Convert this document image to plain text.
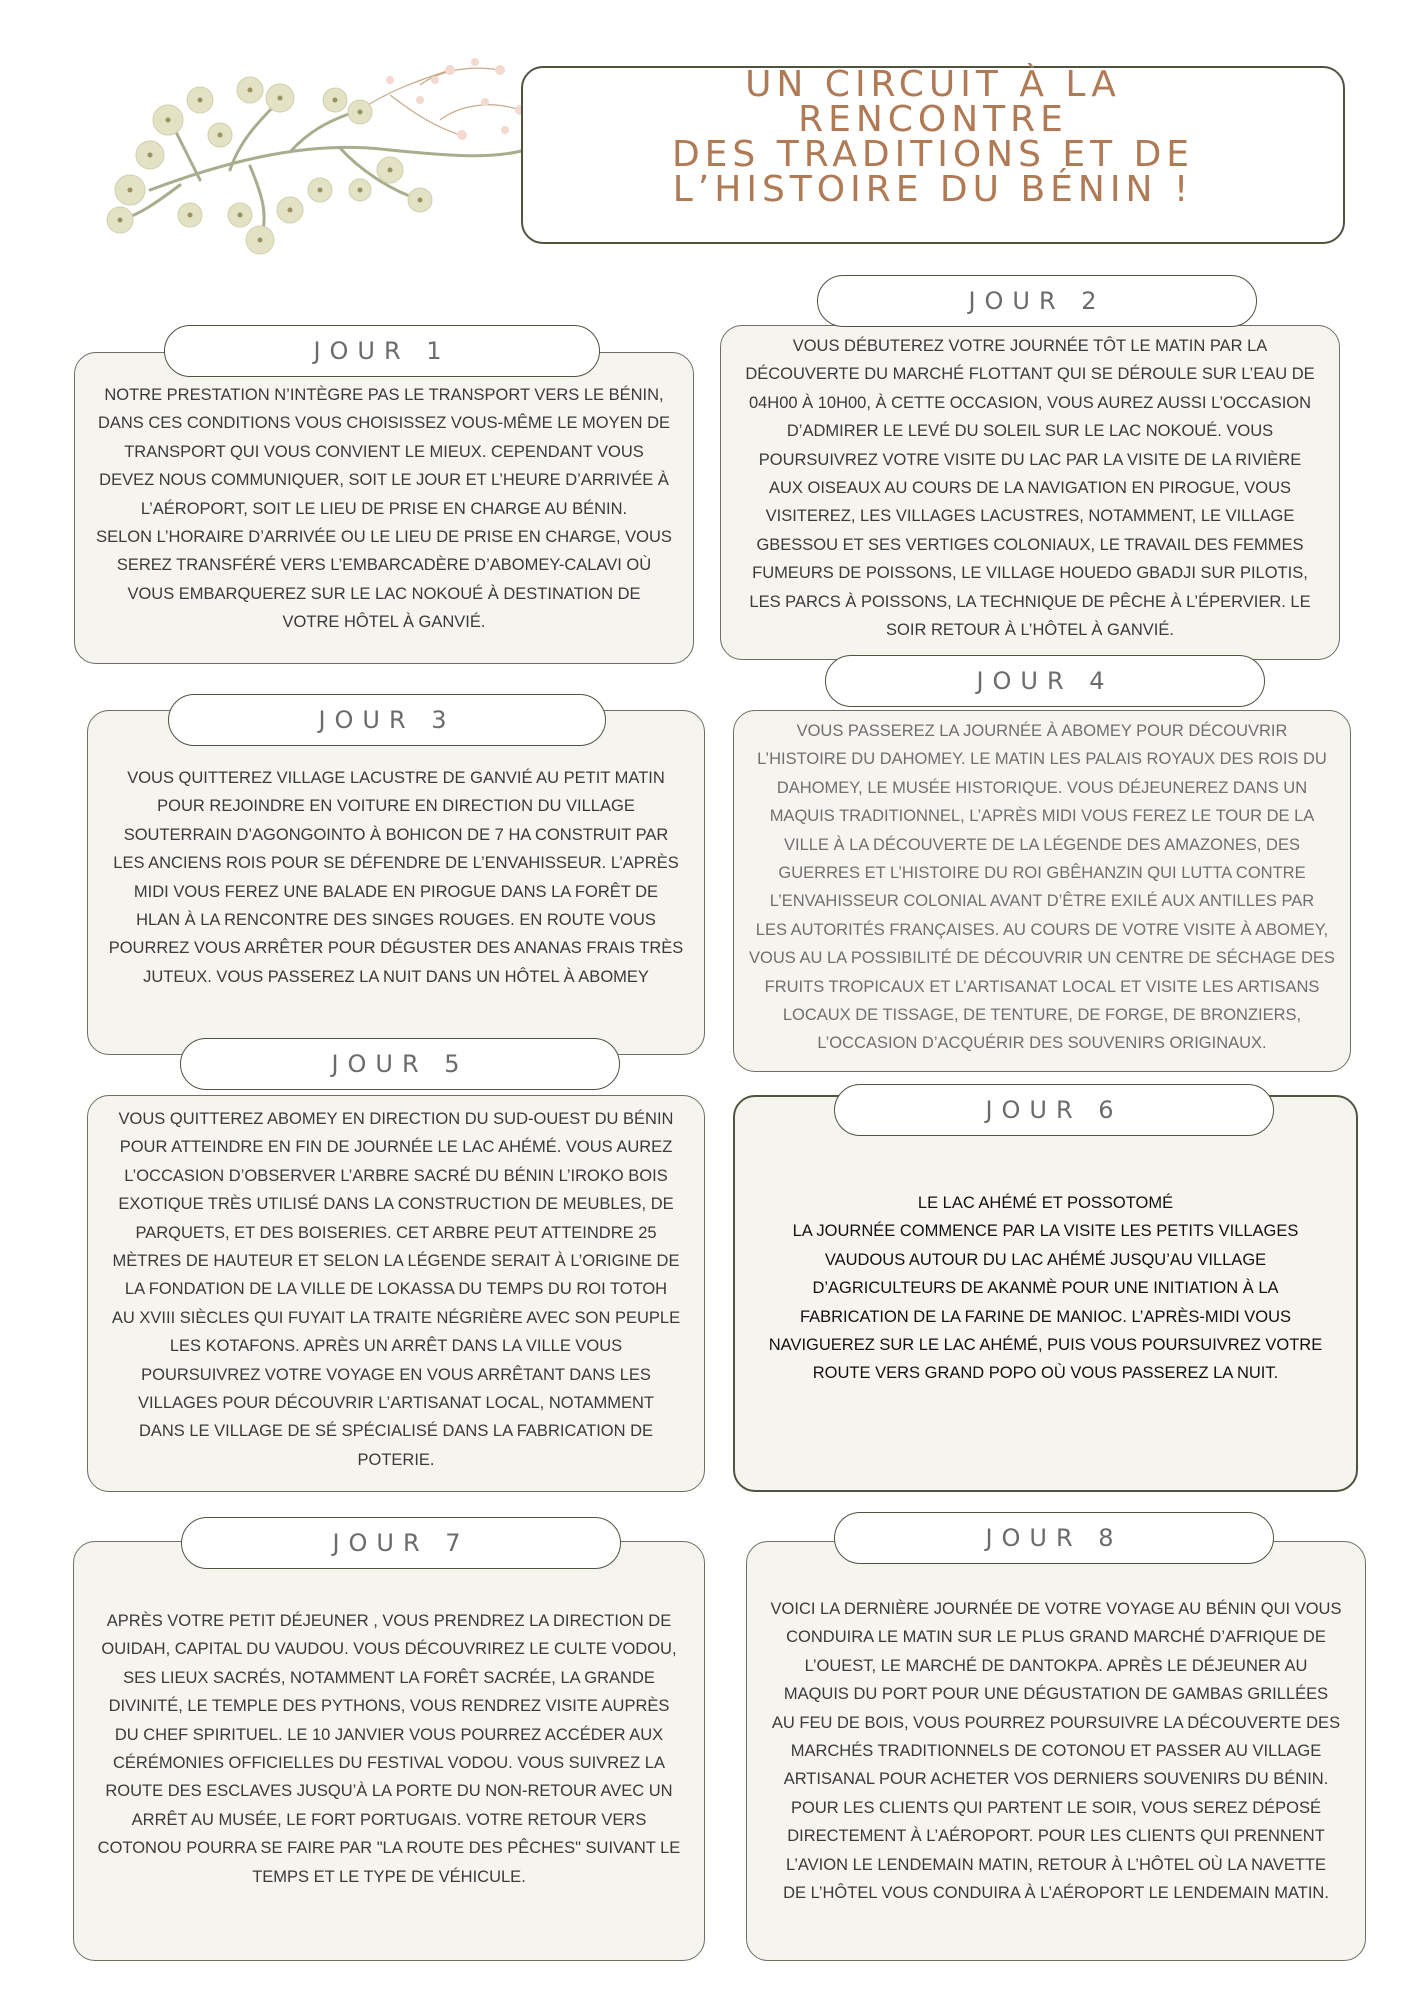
UN CIRCUIT À LA RENCONTRE
DES TRADITIONS ET DE
L’HISTOIRE DU BÉNIN !

NOTRE PRESTATION N’INTÈGRE PAS LE TRANSPORT VERS LE BÉNIN,
DANS CES CONDITIONS VOUS CHOISISSEZ VOUS-MÊME LE MOYEN DE
TRANSPORT QUI VOUS CONVIENT LE MIEUX. CEPENDANT VOUS
DEVEZ NOUS COMMUNIQUER, SOIT LE JOUR ET L’HEURE D’ARRIVÉE À
L’AÉROPORT, SOIT LE LIEU DE PRISE EN CHARGE AU BÉNIN.
SELON L’HORAIRE D’ARRIVÉE OU LE LIEU DE PRISE EN CHARGE, VOUS
SEREZ TRANSFÉRÉ VERS L’EMBARCADÈRE D’ABOMEY-CALAVI OÙ
VOUS EMBARQUEREZ SUR LE LAC NOKOUÉ À DESTINATION DE
VOTRE HÔTEL À GANVIÉ.

JOUR 1	VOUS DÉBUTEREZ VOTRE JOURNÉE TÔT LE MATIN PAR LA
DÉCOUVERTE DU MARCHÉ FLOTTANT QUI SE DÉROULE SUR L’EAU DE
04H00 À 10H00, À CETTE OCCASION, VOUS AUREZ AUSSI L’OCCASION
D’ADMIRER LE LEVÉ DU SOLEIL SUR LE LAC NOKOUÉ. VOUS
POURSUIVREZ VOTRE VISITE DU LAC PAR LA VISITE DE LA RIVIÈRE
AUX OISEAUX AU COURS DE LA NAVIGATION EN PIROGUE, VOUS
VISITEREZ, LES VILLAGES LACUSTRES, NOTAMMENT, LE VILLAGE
GBESSOU ET SES VERTIGES COLONIAUX, LE TRAVAIL DES FEMMES
FUMEURS DE POISSONS, LE VILLAGE HOUEDO GBADJI SUR PILOTIS,
LES PARCS À POISSONS, LA TECHNIQUE DE PÊCHE À L’ÉPERVIER. LE
SOIR RETOUR À L’HÔTEL À GANVIÉ.

JOUR 2

VOUS QUITTEREZ VILLAGE LACUSTRE DE GANVIÉ AU PETIT MATIN
POUR REJOINDRE EN VOITURE EN DIRECTION DU VILLAGE
SOUTERRAIN D’AGONGOINTO À BOHICON DE 7 HA CONSTRUIT PAR
LES ANCIENS ROIS POUR SE DÉFENDRE DE L’ENVAHISSEUR. L’APRÈS
MIDI VOUS FEREZ UNE BALADE EN PIROGUE DANS LA FORÊT DE
HLAN À LA RENCONTRE DES SINGES ROUGES. EN ROUTE VOUS
POURREZ VOUS ARRÊTER POUR DÉGUSTER DES ANANAS FRAIS TRÈS
JUTEUX. VOUS PASSEREZ LA NUIT DANS UN HÔTEL À ABOMEY

JOUR 3	VOUS PASSEREZ LA JOURNÉE À ABOMEY POUR DÉCOUVRIR
L’HISTOIRE DU DAHOMEY. LE MATIN LES PALAIS ROYAUX DES ROIS DU
DAHOMEY, LE MUSÉE HISTORIQUE. VOUS DÉJEUNEREZ DANS UN
MAQUIS TRADITIONNEL, L’APRÈS MIDI VOUS FEREZ LE TOUR DE LA
VILLE À LA DÉCOUVERTE DE LA LÉGENDE DES AMAZONES, DES
GUERRES ET L’HISTOIRE DU ROI GBÊHANZIN QUI LUTTA CONTRE
L’ENVAHISSEUR COLONIAL AVANT D’ÊTRE EXILÉ AUX ANTILLES PAR
LES AUTORITÉS FRANÇAISES. AU COURS DE VOTRE VISITE À ABOMEY,
VOUS AU LA POSSIBILITÉ DE DÉCOUVRIR UN CENTRE DE SÉCHAGE DES
FRUITS TROPICAUX ET L’ARTISANAT LOCAL ET VISITE LES ARTISANS
LOCAUX DE TISSAGE, DE TENTURE, DE FORGE, DE BRONZIERS,
L’OCCASION D’ACQUÉRIR DES SOUVENIRS ORIGINAUX.

JOUR 4

VOUS QUITTEREZ ABOMEY EN DIRECTION DU SUD-OUEST DU BÉNIN
POUR ATTEINDRE EN FIN DE JOURNÉE LE LAC AHÉMÉ. VOUS AUREZ
L’OCCASION D’OBSERVER L’ARBRE SACRÉ DU BÉNIN L’IROKO BOIS
EXOTIQUE TRÈS UTILISÉ DANS LA CONSTRUCTION DE MEUBLES, DE
PARQUETS, ET DES BOISERIES. CET ARBRE PEUT ATTEINDRE 25
MÈTRES DE HAUTEUR ET SELON LA LÉGENDE SERAIT À L’ORIGINE DE
LA FONDATION DE LA VILLE DE LOKASSA DU TEMPS DU ROI TOTOH
AU XVIII SIÈCLES QUI FUYAIT LA TRAITE NÉGRIÈRE AVEC SON PEUPLE
LES KOTAFONS. APRÈS UN ARRÊT DANS LA VILLE VOUS
POURSUIVREZ VOTRE VOYAGE EN VOUS ARRÊTANT DANS LES
VILLAGES POUR DÉCOUVRIR L’ARTISANAT LOCAL, NOTAMMENT
DANS LE VILLAGE DE SÉ SPÉCIALISÉ DANS LA FABRICATION DE
POTERIE.

JOUR 5

LE LAC AHÉMÉ ET POSSOTOMÉ
LA JOURNÉE COMMENCE PAR LA VISITE LES PETITS VILLAGES
VAUDOUS AUTOUR DU LAC AHÉMÉ JUSQU’AU VILLAGE
D’AGRICULTEURS DE AKANMÈ POUR UNE INITIATION À LA
FABRICATION DE LA FARINE DE MANIOC. L’APRÈS-MIDI VOUS
NAVIGUEREZ SUR LE LAC AHÉMÉ, PUIS VOUS POURSUIVREZ VOTRE
ROUTE VERS GRAND POPO OÙ VOUS PASSEREZ LA NUIT.

JOUR 6

APRÈS VOTRE PETIT DÉJEUNER , VOUS PRENDREZ LA DIRECTION DE
OUIDAH, CAPITAL DU VAUDOU. VOUS DÉCOUVRIREZ LE CULTE VODOU,
SES LIEUX SACRÉS, NOTAMMENT LA FORÊT SACRÉE, LA GRANDE
DIVINITÉ, LE TEMPLE DES PYTHONS, VOUS RENDREZ VISITE AUPRÈS
DU CHEF SPIRITUEL. LE 10 JANVIER VOUS POURREZ ACCÉDER AUX
CÉRÉMONIES OFFICIELLES DU FESTIVAL VODOU. VOUS SUIVREZ LA
ROUTE DES ESCLAVES JUSQU’À LA PORTE DU NON-RETOUR AVEC UN
ARRÊT AU MUSÉE, LE FORT PORTUGAIS. VOTRE RETOUR VERS
COTONOU POURRA SE FAIRE PAR "LA ROUTE DES PÊCHES" SUIVANT LE
TEMPS ET LE TYPE DE VÉHICULE.

JOUR 7

VOICI LA DERNIÈRE JOURNÉE DE VOTRE VOYAGE AU BÉNIN QUI VOUS
CONDUIRA LE MATIN SUR LE PLUS GRAND MARCHÉ D’AFRIQUE DE
L’OUEST, LE MARCHÉ DE DANTOKPA. APRÈS LE DÉJEUNER AU
MAQUIS DU PORT POUR UNE DÉGUSTATION DE GAMBAS GRILLÉES
AU FEU DE BOIS, VOUS POURREZ POURSUIVRE LA DÉCOUVERTE DES
MARCHÉS TRADITIONNELS DE COTONOU ET PASSER AU VILLAGE
ARTISANAL POUR ACHETER VOS DERNIERS SOUVENIRS DU BÉNIN.
POUR LES CLIENTS QUI PARTENT LE SOIR, VOUS SEREZ DÉPOSÉ
DIRECTEMENT À L’AÉROPORT. POUR LES CLIENTS QUI PRENNENT
L’AVION LE LENDEMAIN MATIN, RETOUR À L’HÔTEL OÙ LA NAVETTE
DE L’HÔTEL VOUS CONDUIRA À L’AÉROPORT LE LENDEMAIN MATIN.

JOUR 8
